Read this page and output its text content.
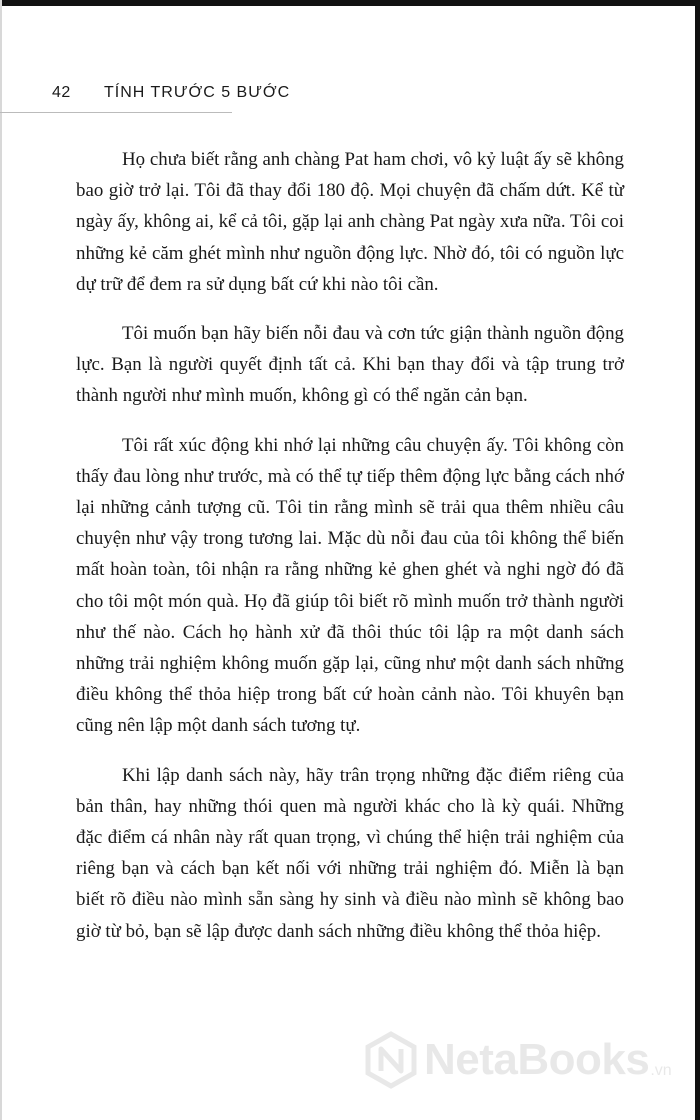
42 TÍNH TRƯỚC 5 BƯỚC

Họ chưa biết rằng anh chàng Pat ham chơi, vô kỷ luật ấy sẽ không bao giờ trở lại. Tôi đã thay đổi 180 độ. Mọi chuyện đã chấm dứt. Kể từ ngày ấy, không ai, kể cả tôi, gặp lại anh chàng Pat ngày xưa nữa. Tôi coi những kẻ căm ghét mình như nguồn động lực. Nhờ đó, tôi có nguồn lực dự trữ để đem ra sử dụng bất cứ khi nào tôi cần.

Tôi muốn bạn hãy biến nỗi đau và cơn tức giận thành nguồn động lực. Bạn là người quyết định tất cả. Khi bạn thay đổi và tập trung trở thành người như mình muốn, không gì có thể ngăn cản bạn.

Tôi rất xúc động khi nhớ lại những câu chuyện ấy. Tôi không còn thấy đau lòng như trước, mà có thể tự tiếp thêm động lực bằng cách nhớ lại những cảnh tượng cũ. Tôi tin rằng mình sẽ trải qua thêm nhiều câu chuyện như vậy trong tương lai. Mặc dù nỗi đau của tôi không thể biến mất hoàn toàn, tôi nhận ra rằng những kẻ ghen ghét và nghi ngờ đó đã cho tôi một món quà. Họ đã giúp tôi biết rõ mình muốn trở thành người như thế nào. Cách họ hành xử đã thôi thúc tôi lập ra một danh sách những trải nghiệm không muốn gặp lại, cũng như một danh sách những điều không thể thỏa hiệp trong bất cứ hoàn cảnh nào. Tôi khuyên bạn cũng nên lập một danh sách tương tự.

Khi lập danh sách này, hãy trân trọng những đặc điểm riêng của bản thân, hay những thói quen mà người khác cho là kỳ quái. Những đặc điểm cá nhân này rất quan trọng, vì chúng thể hiện trải nghiệm của riêng bạn và cách bạn kết nối với những trải nghiệm đó. Miễn là bạn biết rõ điều nào mình sẵn sàng hy sinh và điều nào mình sẽ không bao giờ từ bỏ, bạn sẽ lập được danh sách những điều không thể thỏa hiệp.

NetaBooks .vn
